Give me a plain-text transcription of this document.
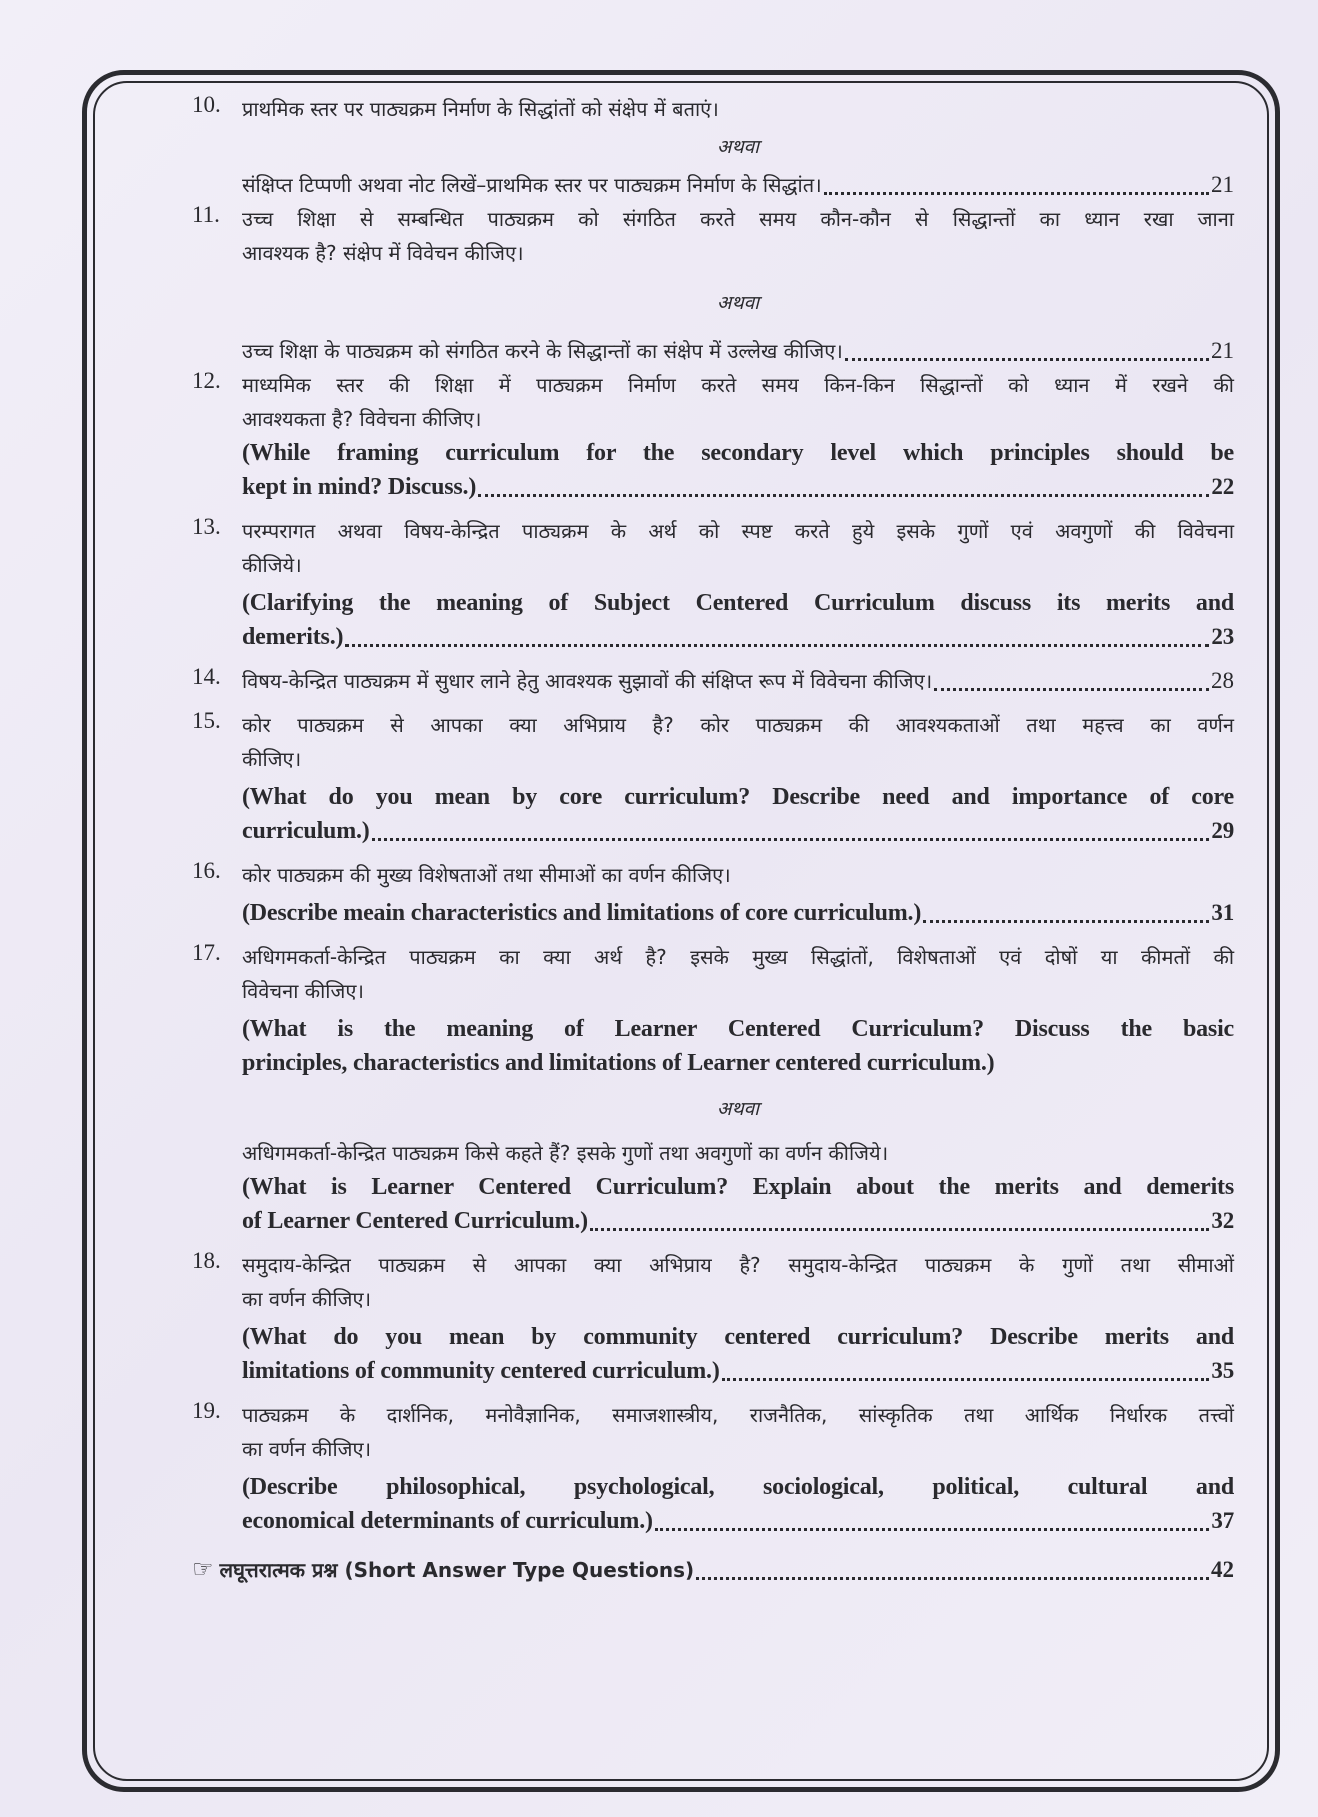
10. प्राथमिक स्तर पर पाठ्यक्रम निर्माण के सिद्धांतों को संक्षेप में बताएं।
अथवा
संक्षिप्त टिप्पणी अथवा नोट लिखें–प्राथमिक स्तर पर पाठ्यक्रम निर्माण के सिद्धांत।	21
11. उच्च शिक्षा से सम्बन्धित पाठ्यक्रम को संगठित करते समय कौन-कौन से सिद्धान्तों का ध्यान रखा जाना
आवश्यक है? संक्षेप में विवेचन कीजिए।
अथवा
उच्च शिक्षा के पाठ्यक्रम को संगठित करने के सिद्धान्तों का संक्षेप में उल्लेख कीजिए।	21
12. माध्यमिक स्तर की शिक्षा में पाठ्यक्रम निर्माण करते समय किन-किन सिद्धान्तों को ध्यान में रखने की
आवश्यकता है? विवेचना कीजिए।
(While framing curriculum for the secondary level which principles should be
kept in mind? Discuss.)	22
13. परम्परागत अथवा विषय-केन्द्रित पाठ्यक्रम के अर्थ को स्पष्ट करते हुये इसके गुणों एवं अवगुणों की विवेचना
कीजिये।
(Clarifying the meaning of Subject Centered Curriculum discuss its merits and
demerits.)	23
14. विषय-केन्द्रित पाठ्यक्रम में सुधार लाने हेतु आवश्यक सुझावों की संक्षिप्त रूप में विवेचना कीजिए।	28
15. कोर पाठ्यक्रम से आपका क्या अभिप्राय है? कोर पाठ्यक्रम की आवश्यकताओं तथा महत्त्व का वर्णन
कीजिए।
(What do you mean by core curriculum? Describe need and importance of core
curriculum.)	29
16. कोर पाठ्यक्रम की मुख्य विशेषताओं तथा सीमाओं का वर्णन कीजिए।
(Describe meain characteristics and limitations of core curriculum.)	31
17. अधिगमकर्ता-केन्द्रित पाठ्यक्रम का क्या अर्थ है? इसके मुख्य सिद्धांतों, विशेषताओं एवं दोषों या कीमतों की
विवेचना कीजिए।
(What is the meaning of Learner Centered Curriculum? Discuss the basic
principles, characteristics and limitations of Learner centered curriculum.)
अथवा
अधिगमकर्ता-केन्द्रित पाठ्यक्रम किसे कहते हैं? इसके गुणों तथा अवगुणों का वर्णन कीजिये।
(What is Learner Centered Curriculum? Explain about the merits and demerits
of Learner Centered Curriculum.)	32
18. समुदाय-केन्द्रित पाठ्यक्रम से आपका क्या अभिप्राय है? समुदाय-केन्द्रित पाठ्यक्रम के गुणों तथा सीमाओं
का वर्णन कीजिए।
(What do you mean by community centered curriculum? Describe merits and
limitations of community centered curriculum.)	35
19. पाठ्यक्रम के दार्शनिक, मनोवैज्ञानिक, समाजशास्त्रीय, राजनैतिक, सांस्कृतिक तथा आर्थिक निर्धारक तत्त्वों
का वर्णन कीजिए।
(Describe philosophical, psychological, sociological, political, cultural and
economical determinants of curriculum.)	37
☞ लघूत्तरात्मक प्रश्न (Short Answer Type Questions)	42
